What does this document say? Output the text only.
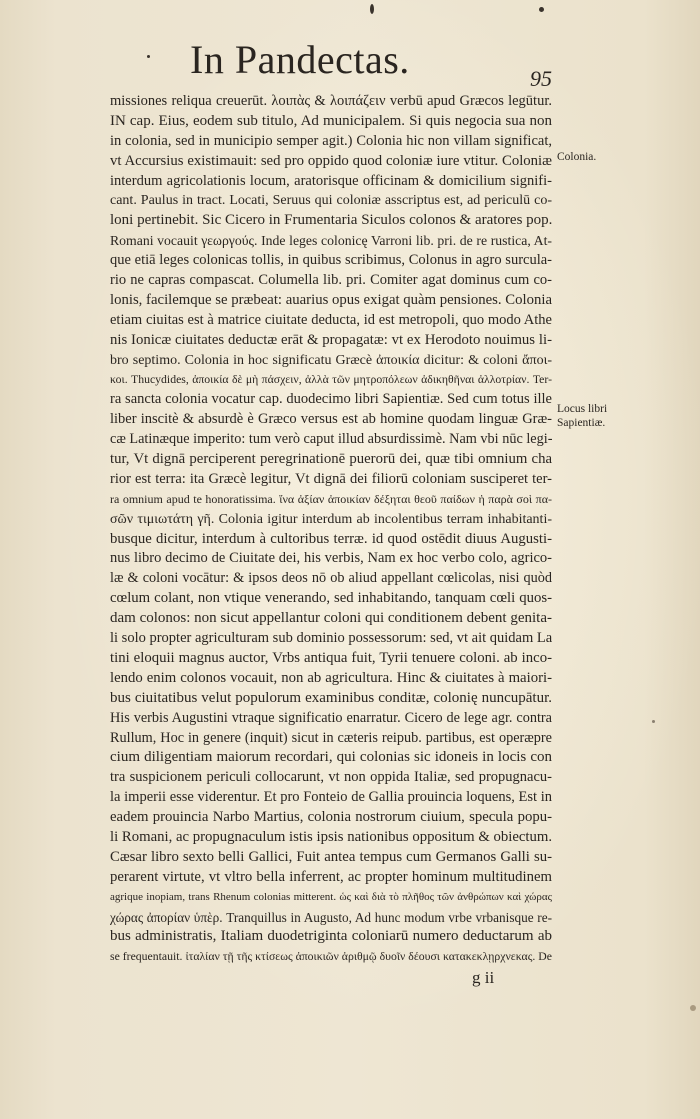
In Pandectas.	95
missiones reliqua creuerūt. λοιπὰς & λοιπάζειν verbū apud Græcos legūtur.
IN cap. Eius, eodem sub titulo, Ad municipalem. Si quis negocia sua non
in colonia, sed in municipio semper agit.) Colonia hic non villam significat,
vt Accursius existimauit: sed pro oppido quod coloniæ iure vtitur. Coloniæ
interdum agricolationis locum, aratorisque officinam & domicilium signifi-
cant. Paulus in tract. Locati, Seruus qui coloniæ asscriptus est, ad periculū co-
loni pertinebit. Sic Cicero in Frumentaria Siculos colonos & aratores pop.
Romani vocauit γεωργούς. Inde leges colonicę Varroni lib. pri. de re rustica, At-
que etiā leges colonicas tollis, in quibus scribimus, Colonus in agro surcula-
rio ne capras compascat. Columella lib. pri. Comiter agat dominus cum co-
lonis, facilemque se præbeat: auarius opus exigat quàm pensiones. Colonia
etiam ciuitas est à matrice ciuitate deducta, id est metropoli, quo modo Athe
nis Ionicæ ciuitates deductæ erāt & propagatæ: vt ex Herodoto nouimus li-
bro septimo. Colonia in hoc significatu Græcè ἀποικία dicitur: & coloni ἄποι-
κοι. Thucydides, ἀποικία δὲ μὴ πάσχειν, ἀλλὰ τῶν μητροπόλεων ἀδικηθῆναι ἀλλοτρίαν. Ter-
ra sancta colonia vocatur cap. duodecimo libri Sapientiæ. Sed cum totus ille
liber inscitè & absurdè è Græco versus est ab homine quodam linguæ Græ-
cæ Latinæque imperito: tum verò caput illud absurdissimè. Nam vbi nūc legi-
tur, Vt dignā perciperent peregrinationē puerorū dei, quæ tibi omnium cha
rior est terra: ita Græcè legitur, Vt dignā dei filiorū coloniam susciperet ter-
ra omnium apud te honoratissima. ἵνα ἀξίαν ἀποικίαν δέξηται θεοῦ παίδων ἡ παρὰ σοὶ πα-
σῶν τιμιωτάτη γῆ. Colonia igitur interdum ab incolentibus terram inhabitanti-
busque dicitur, interdum à cultoribus terræ. id quod ostēdit diuus Augusti-
nus libro decimo de Ciuitate dei, his verbis, Nam ex hoc verbo colo, agrico-
læ & coloni vocātur: & ipsos deos nō ob aliud appellant cœlicolas, nisi quòd
cœlum colant, non vtique venerando, sed inhabitando, tanquam cœli quos-
dam colonos: non sicut appellantur coloni qui conditionem debent genita-
li solo propter agriculturam sub dominio possessorum: sed, vt ait quidam La
tini eloquii magnus auctor, Vrbs antiqua fuit, Tyrii tenuere coloni. ab inco-
lendo enim colonos vocauit, non ab agricultura. Hinc & ciuitates à maiori-
bus ciuitatibus velut populorum examinibus conditæ, colonię nuncupātur.
His verbis Augustini vtraque significatio enarratur. Cicero de lege agr. contra
Rullum, Hoc in genere (inquit) sicut in cæteris reipub. partibus, est operæpre
cium diligentiam maiorum recordari, qui colonias sic idoneis in locis con
tra suspicionem periculi collocarunt, vt non oppida Italiæ, sed propugnacu-
la imperii esse viderentur. Et pro Fonteio de Gallia prouincia loquens, Est in
eadem prouincia Narbo Martius, colonia nostrorum ciuium, specula popu-
li Romani, ac propugnaculum istis ipsis nationibus oppositum & obiectum.
Cæsar libro sexto belli Gallici, Fuit antea tempus cum Germanos Galli su-
perarent virtute, vt vltro bella inferrent, ac propter hominum multitudinem
agrique inopiam, trans Rhenum colonias mitterent. ὡς καὶ διὰ τὸ πλῆθος τῶν ἀνθρώπων καὶ χώρας
χώρας ἀπορίαν ὑπὲρ. Tranquillus in Augusto, Ad hunc modum vrbe vrbanisque re-
bus administratis, Italiam duodetriginta coloniarū numero deductarum ab
se frequentauit. ἰταλίαν τῇ τῆς κτίσεως ἀποικιῶν ἀριθμῷ δυοῖν δέουσι κατακεκλῃρχνεκας. De
Colonia.
Locus libri
Sapientiæ.
g ii
